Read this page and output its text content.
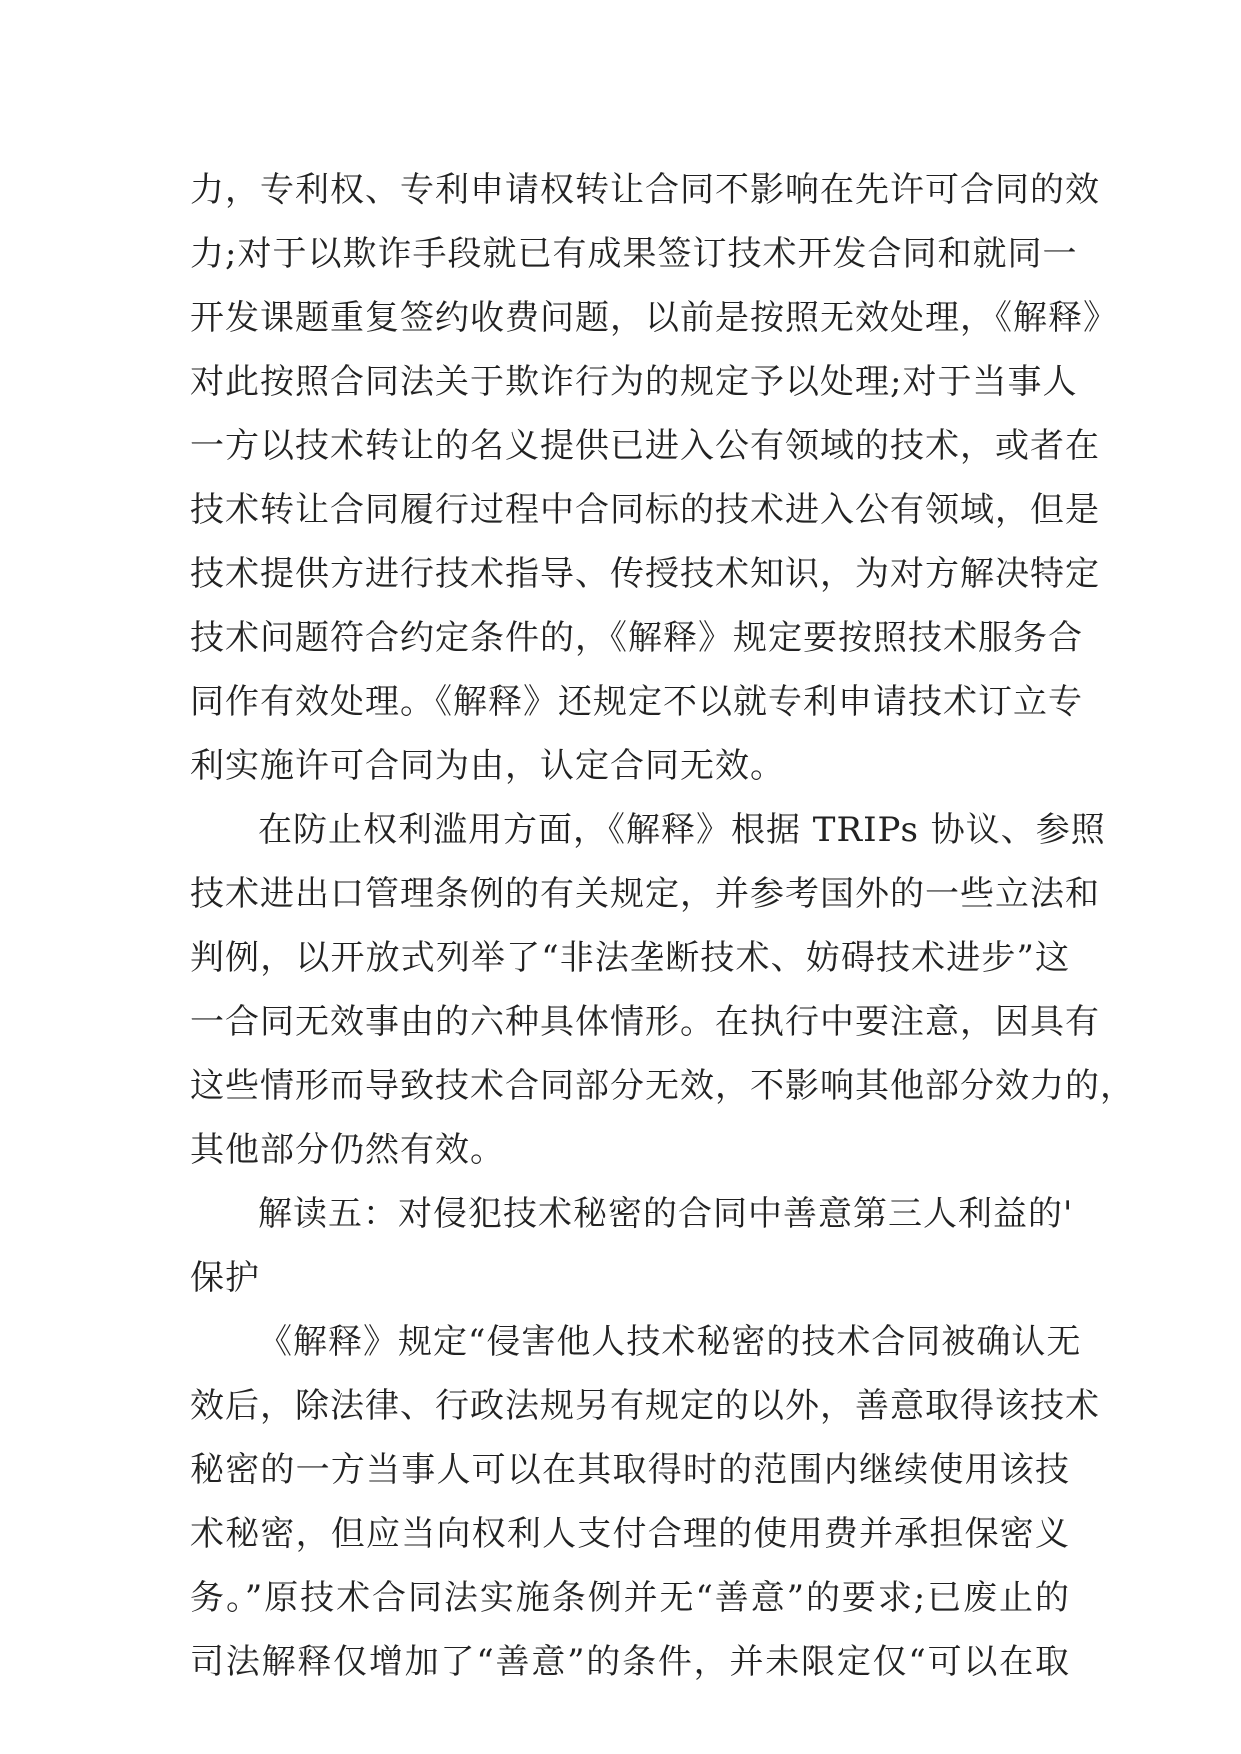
力，专利权、专利申请权转让合同不影响在先许可合同的效
力;对于以欺诈手段就已有成果签订技术开发合同和就同一
开发课题重复签约收费问题，以前是按照无效处理，《解释》
对此按照合同法关于欺诈行为的规定予以处理;对于当事人
一方以技术转让的名义提供已进入公有领域的技术，或者在
技术转让合同履行过程中合同标的技术进入公有领域，但是
技术提供方进行技术指导、传授技术知识，为对方解决特定
技术问题符合约定条件的，《解释》规定要按照技术服务合
同作有效处理。《解释》还规定不以就专利申请技术订立专
利实施许可合同为由，认定合同无效。
在防止权利滥用方面，《解释》根据 TRIPs 协议、参照
技术进出口管理条例的有关规定，并参考国外的一些立法和
判例，以开放式列举了“非法垄断技术、妨碍技术进步”这
一合同无效事由的六种具体情形。在执行中要注意，因具有
这些情形而导致技术合同部分无效，不影响其他部分效力的，
其他部分仍然有效。
解读五：对侵犯技术秘密的合同中善意第三人利益的'
保护
《解释》规定“侵害他人技术秘密的技术合同被确认无
效后，除法律、行政法规另有规定的以外，善意取得该技术
秘密的一方当事人可以在其取得时的范围内继续使用该技
术秘密，但应当向权利人支付合理的使用费并承担保密义
务。”原技术合同法实施条例并无“善意”的要求;已废止的
司法解释仅增加了“善意”的条件，并未限定仅“可以在取
